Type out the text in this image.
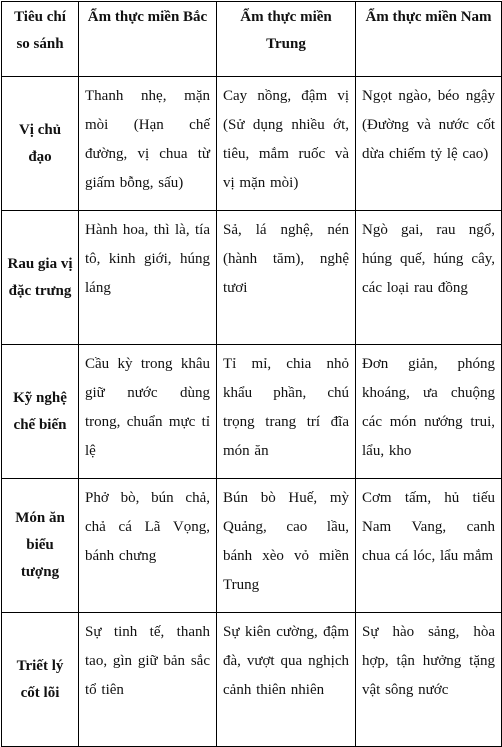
Tiêu chí so sánh	Ẩm thực miền Bắc	Ẩm thực miền Trung	Ẩm thực miền Nam
Vị chủ đạo	Thanh nhẹ, mặn mòi (Hạn chế đường, vị chua từ giấm bỗng, sấu)	Cay nồng, đậm vị (Sử dụng nhiều ớt, tiêu, mắm ruốc và vị mặn mòi)	Ngọt ngào, béo ngậy (Đường và nước cốt dừa chiếm tỷ lệ cao)
Rau gia vị đặc trưng	Hành hoa, thì là, tía tô, kinh giới, húng láng	Sả, lá nghệ, nén (hành tăm), nghệ tươi	Ngò gai, rau ngổ, húng quế, húng cây, các loại rau đồng
Kỹ nghệ chế biến	Cầu kỳ trong khâu giữ nước dùng trong, chuẩn mực tỉ lệ	Tỉ mỉ, chia nhỏ khẩu phần, chú trọng trang trí đĩa món ăn	Đơn giản, phóng khoáng, ưa chuộng các món nướng trui, lẩu, kho
Món ăn biểu tượng	Phở bò, bún chả, chả cá Lã Vọng, bánh chưng	Bún bò Huế, mỳ Quảng, cao lầu, bánh xèo vỏ miền Trung	Cơm tấm, hủ tiếu Nam Vang, canh chua cá lóc, lẩu mắm
Triết lý cốt lõi	Sự tinh tế, thanh tao, gìn giữ bản sắc tổ tiên	Sự kiên cường, đậm đà, vượt qua nghịch cảnh thiên nhiên	Sự hào sảng, hòa hợp, tận hưởng tặng vật sông nước
